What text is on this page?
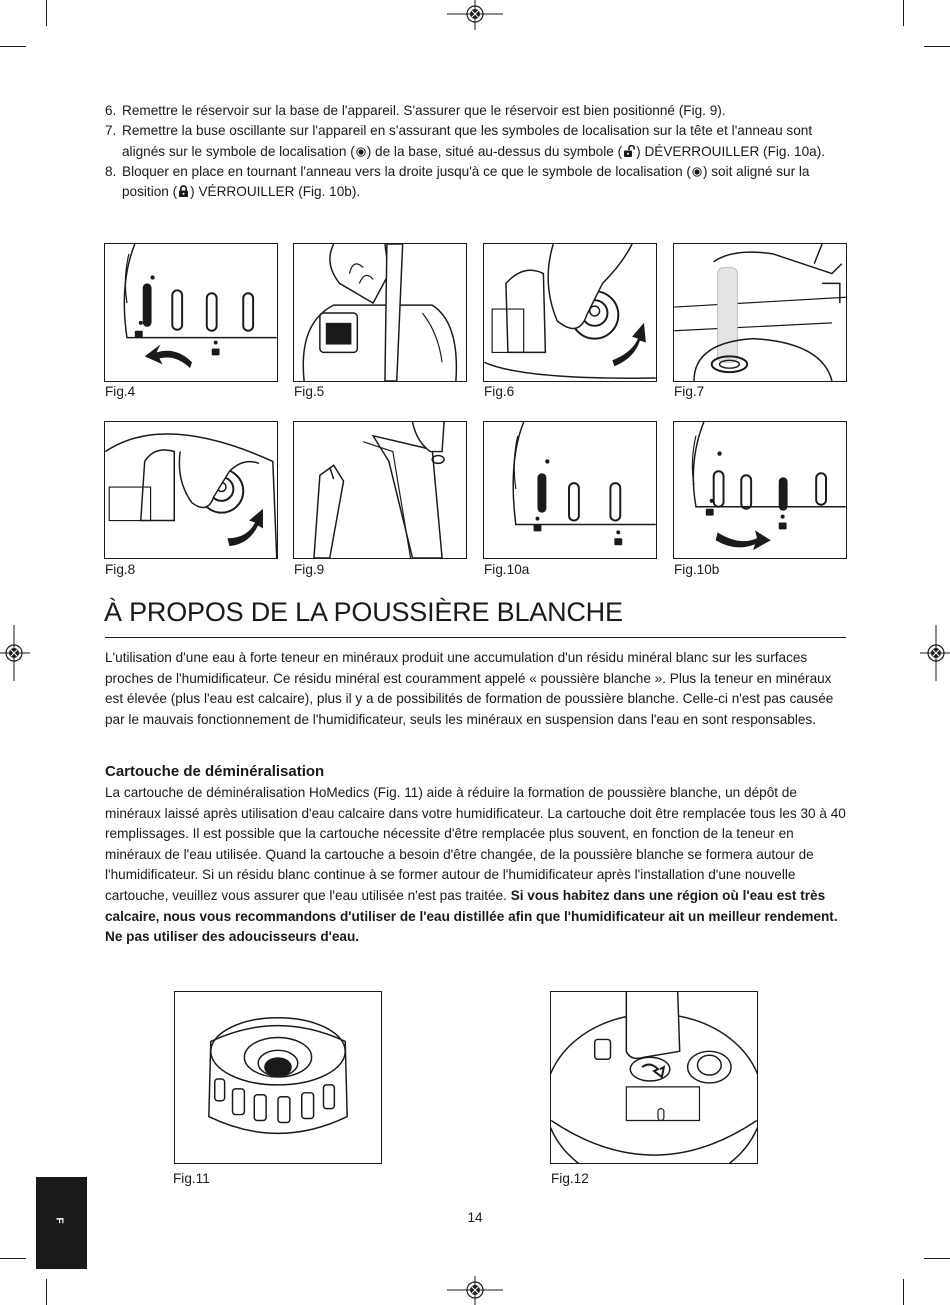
6. Remettre le réservoir sur la base de l'appareil. S'assurer que le réservoir est bien positionné (Fig. 9).
7. Remettre la buse oscillante sur l'appareil en s'assurant que les symboles de localisation sur la tête et l'anneau sont alignés sur le symbole de localisation ( ) de la base, situé au-dessus du symbole ( ) DÉVERROUILLER (Fig. 10a).
8. Bloquer en place en tournant l'anneau vers la droite jusqu'à ce que le symbole de localisation ( ) soit aligné sur la position ( ) VÉRROUILLER (Fig. 10b).
Fig.4	Fig.5	Fig.6	Fig.7
Fig.8	Fig.9	Fig.10a	Fig.10b
À PROPOS DE LA POUSSIÈRE BLANCHE

L'utilisation d'une eau à forte teneur en minéraux produit une accumulation d'un résidu minéral blanc sur les surfaces proches de l'humidificateur. Ce résidu minéral est couramment appelé « poussière blanche ». Plus la teneur en minéraux est élevée (plus l'eau est calcaire), plus il y a de possibilités de formation de poussière blanche. Celle-ci n'est pas causée par le mauvais fonctionnement de l'humidificateur, seuls les minéraux en suspension dans l'eau en sont responsables.

Cartouche de déminéralisation

La cartouche de déminéralisation HoMedics (Fig. 11) aide à réduire la formation de poussière blanche, un dépôt de minéraux laissé après utilisation d'eau calcaire dans votre humidificateur. La cartouche doit être remplacée tous les 30 à 40 remplissages. Il est possible que la cartouche nécessite d'être remplacée plus souvent, en fonction de la teneur en minéraux de l'eau utilisée. Quand la cartouche a besoin d'être changée, de la poussière blanche se formera autour de l'humidificateur. Si un résidu blanc continue à se former autour de l'humidificateur après l'installation d'une nouvelle cartouche, veuillez vous assurer que l'eau utilisée n'est pas traitée. Si vous habitez dans une région où l'eau est très calcaire, nous vous recommandons d'utiliser de l'eau distillée afin que l'humidificateur ait un meilleur rendement. Ne pas utiliser des adoucisseurs d'eau.

Fig.11	Fig.12
14
F
